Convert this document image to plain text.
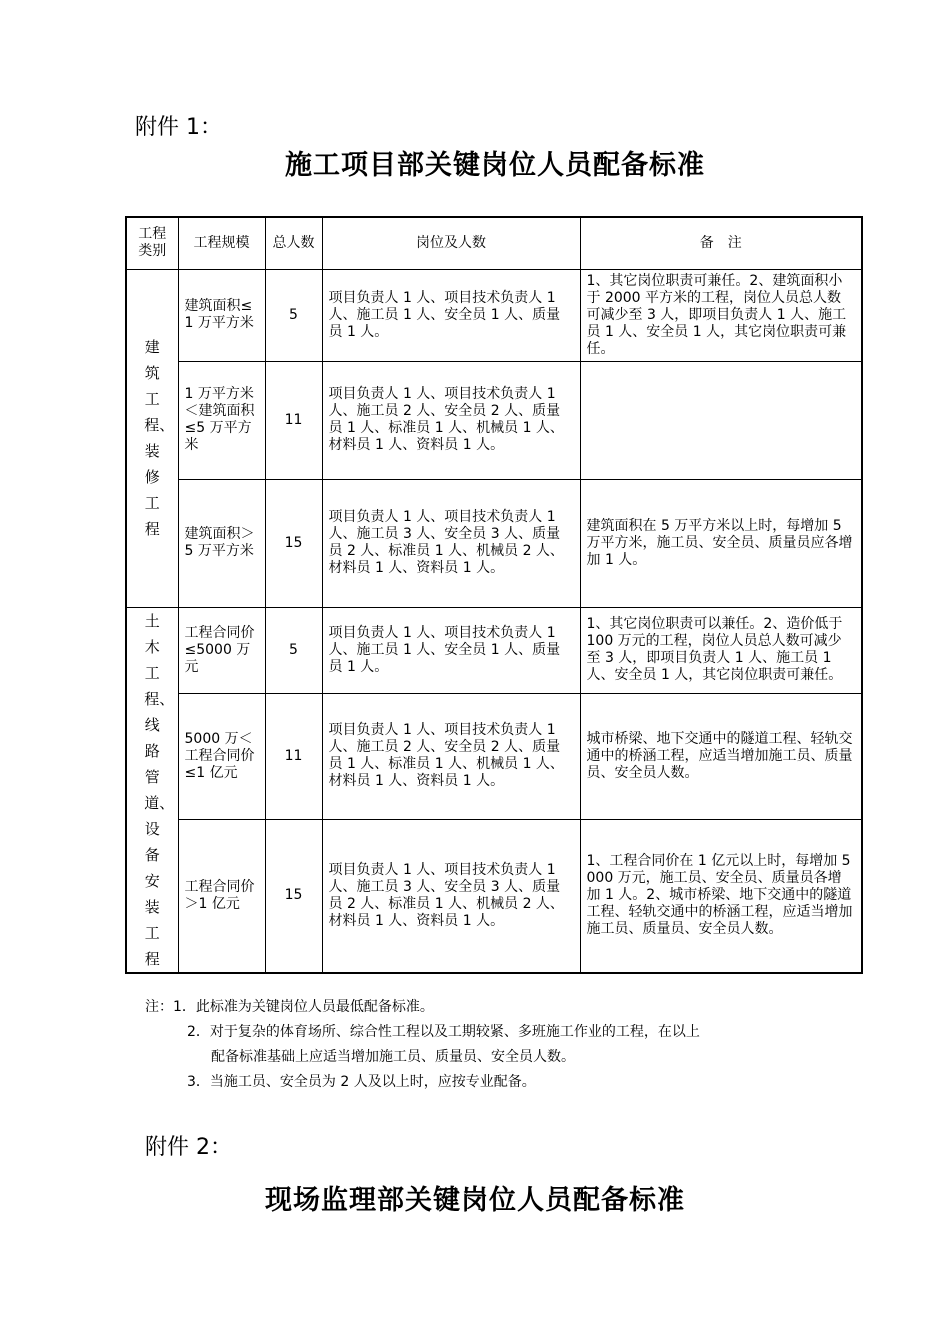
附件 1：
施工项目部关键岗位人员配备标准
工程类别	工程规模	总人数	岗位及人数	备　注

建筑工程、装修工程	建筑面积≤1 万平方米	5	项目负责人 1 人、项目技术负责人 1 人、施工员 1 人、安全员 1 人、质量员 1 人。	1、其它岗位职责可兼任。2、建筑面积小于 2000 平方米的工程，岗位人员总人数可减少至 3 人，即项目负责人 1 人、施工员 1 人、安全员 1 人，其它岗位职责可兼任。
	1 万平方米＜建筑面积≤5 万平方米	11	项目负责人 1 人、项目技术负责人 1 人、施工员 2 人、安全员 2 人、质量员 1 人、标准员 1 人、机械员 1 人、材料员 1 人、资料员 1 人。	
	建筑面积＞5 万平方米	15	项目负责人 1 人、项目技术负责人 1 人、施工员 3 人、安全员 3 人、质量员 2 人、标准员 1 人、机械员 2 人、材料员 1 人、资料员 1 人。	建筑面积在 5 万平方米以上时，每增加 5 万平方米，施工员、安全员、质量员应各增加 1 人。

土木工程、线路管道、设备安装工程	工程合同价≤5000 万元	5	项目负责人 1 人、项目技术负责人 1 人、施工员 1 人、安全员 1 人、质量员 1 人。	1、其它岗位职责可以兼任。2、造价低于 100 万元的工程，岗位人员总人数可减少至 3 人，即项目负责人 1 人、施工员 1 人、安全员 1 人，其它岗位职责可兼任。
	5000 万＜工程合同价≤1 亿元	11	项目负责人 1 人、项目技术负责人 1 人、施工员 2 人、安全员 2 人、质量员 1 人、标准员 1 人、机械员 1 人、材料员 1 人、资料员 1 人。	城市桥梁、地下交通中的隧道工程、轻轨交通中的桥涵工程，应适当增加施工员、质量员、安全员人数。
	工程合同价＞1 亿元	15	项目负责人 1 人、项目技术负责人 1 人、施工员 3 人、安全员 3 人、质量员 2 人、标准员 1 人、机械员 2 人、材料员 1 人、资料员 1 人。	1、工程合同价在 1 亿元以上时，每增加 5000 万元，施工员、安全员、质量员各增加 1 人。2、城市桥梁、地下交通中的隧道工程、轻轨交通中的桥涵工程，应适当增加施工员、质量员、安全员人数。
注：1．此标准为关键岗位人员最低配备标准。
2．对于复杂的体育场所、综合性工程以及工期较紧、多班施工作业的工程，在以上
配备标准基础上应适当增加施工员、质量员、安全员人数。
3．当施工员、安全员为 2 人及以上时，应按专业配备。
附件 2：
现场监理部关键岗位人员配备标准
